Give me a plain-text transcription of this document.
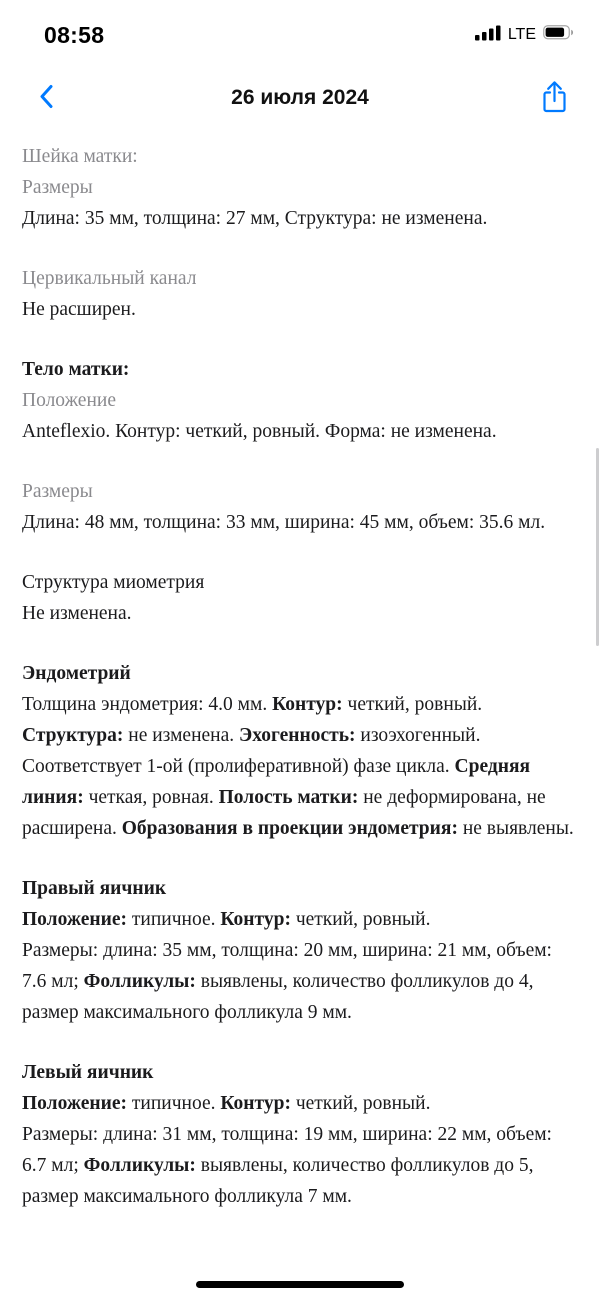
08:58	LTE
26 июля 2024

Шейка матки:

Размеры

Длина: 35 мм, толщина: 27 мм, Структура: не изменена.

Цервикальный канал

Не расширен.

Тело матки:

Положение

Anteflexio. Контур: четкий, ровный. Форма: не изменена.

Размеры

Длина: 48 мм, толщина: 33 мм, ширина: 45 мм, объем: 35.6 мл.

Структура миометрия

Не изменена.

Эндометрий

Толщина эндометрия: 4.0 мм. Контур: четкий, ровный. Структура: не изменена. Эхогенность: изоэхогенный. Соответствует 1-ой (пролиферативной) фазе цикла. Средняя линия: четкая, ровная. Полость матки: не деформирована, не расширена. Образования в проекции эндометрия: не выявлены.

Правый яичник

Положение: типичное. Контур: четкий, ровный.

Размеры: длина: 35 мм, толщина: 20 мм, ширина: 21 мм, объем: 7.6 мл; Фолликулы: выявлены, количество фолликулов до 4, размер максимального фолликула 9 мм.

Левый яичник

Положение: типичное. Контур: четкий, ровный.

Размеры: длина: 31 мм, толщина: 19 мм, ширина: 22 мм, объем: 6.7 мл; Фолликулы: выявлены, количество фолликулов до 5, размер максимального фолликула 7 мм.
